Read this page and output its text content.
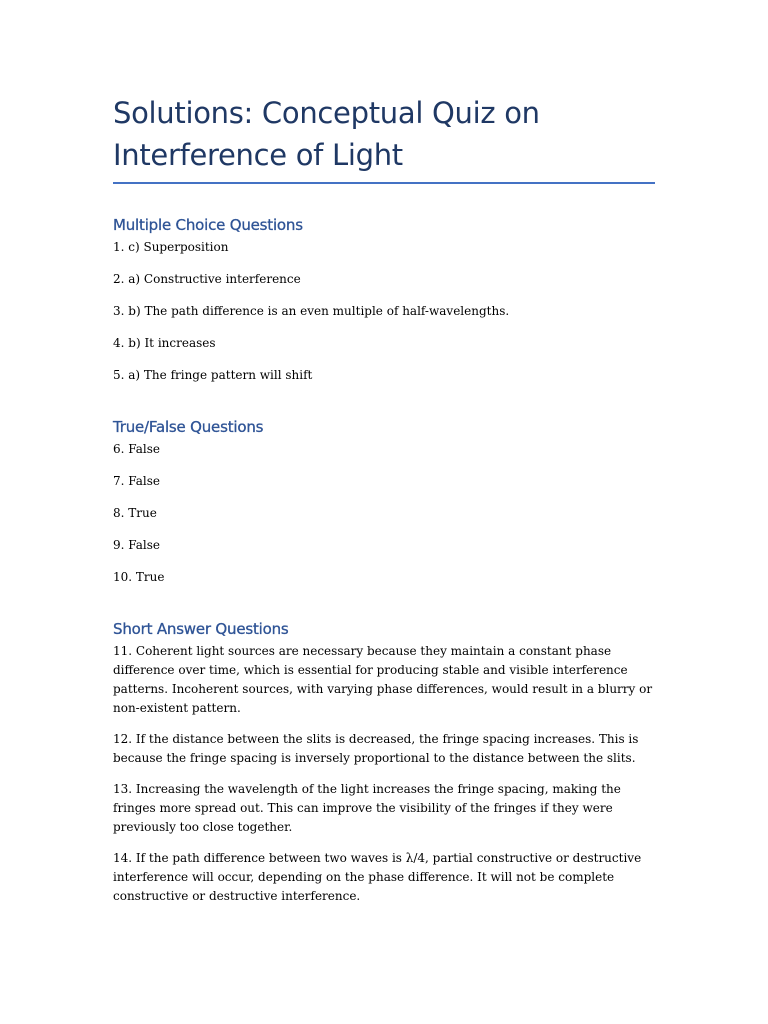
Solutions: Conceptual Quiz on Interference of Light
Multiple Choice Questions

1. c) Superposition

2. a) Constructive interference

3. b) The path difference is an even multiple of half-wavelengths.

4. b) It increases

5. a) The fringe pattern will shift

True/False Questions

6. False

7. False

8. True

9. False

10. True

Short Answer Questions

11. Coherent light sources are necessary because they maintain a constant phase difference over time, which is essential for producing stable and visible interference patterns. Incoherent sources, with varying phase differences, would result in a blurry or non-existent pattern.

12. If the distance between the slits is decreased, the fringe spacing increases. This is because the fringe spacing is inversely proportional to the distance between the slits.

13. Increasing the wavelength of the light increases the fringe spacing, making the fringes more spread out. This can improve the visibility of the fringes if they were previously too close together.

14. If the path difference between two waves is λ/4, partial constructive or destructive interference will occur, depending on the phase difference. It will not be complete constructive or destructive interference.
